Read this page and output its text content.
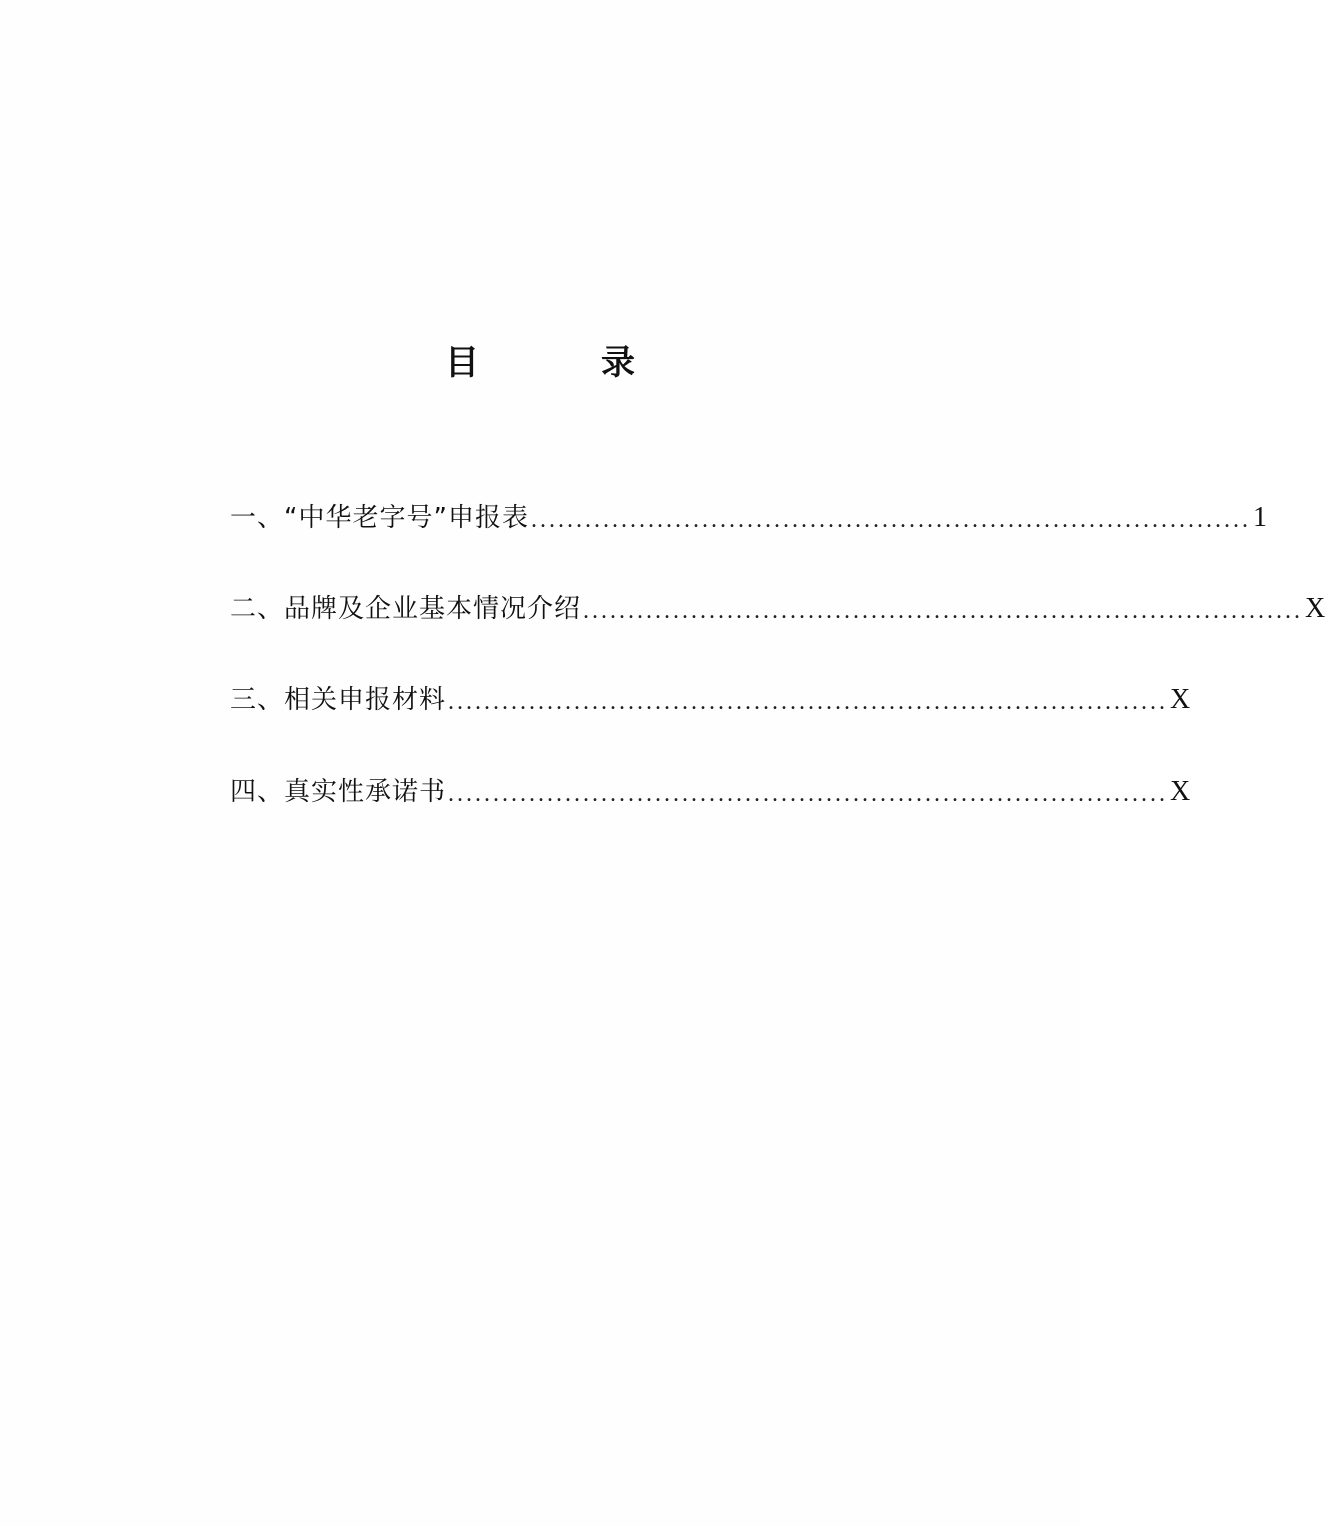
目　录
一、“中华老字号”申报表 ................................................................................ 1
二、品牌及企业基本情况介绍 ................................................................................ X
三、相关申报材料 ................................................................................ X
四、真实性承诺书 ................................................................................ X
